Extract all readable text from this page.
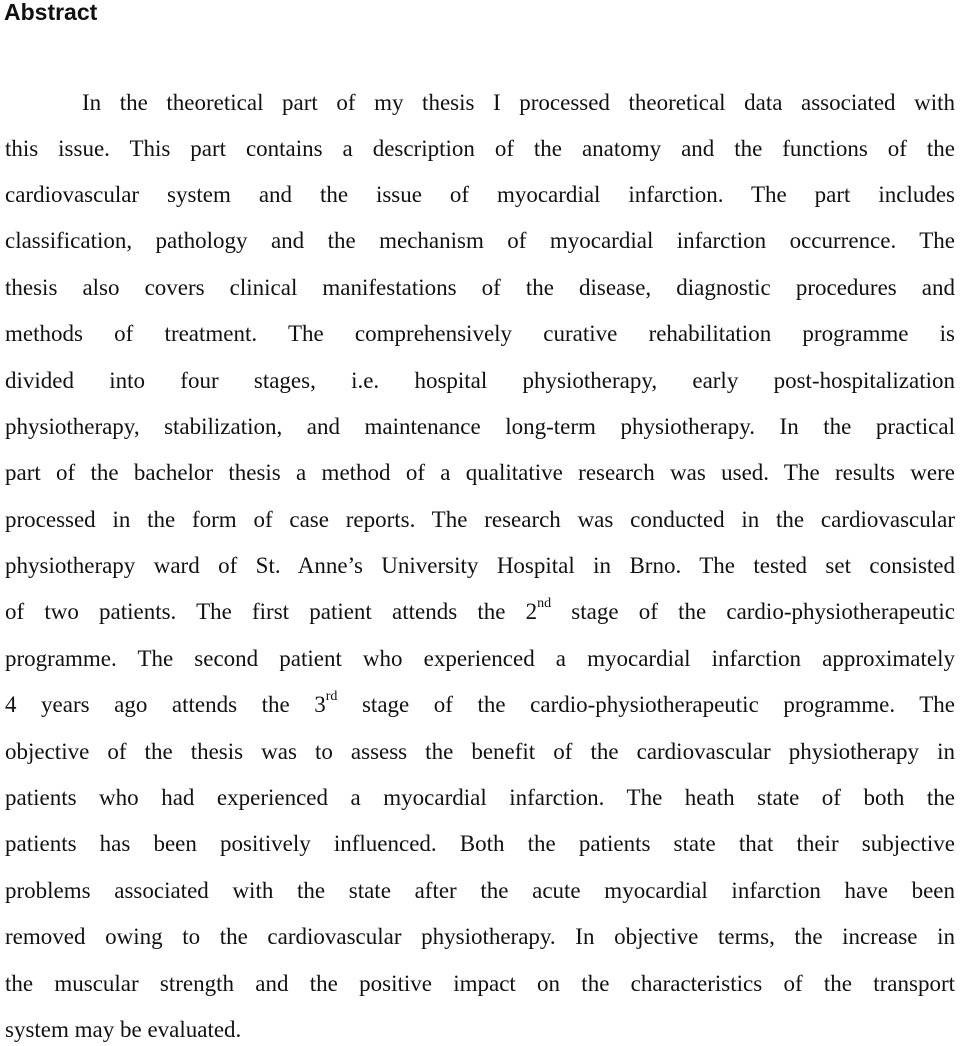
Abstract
In the theoretical part of my thesis I processed theoretical data associated with
this issue. This part contains a description of the anatomy and the functions of the
cardiovascular system and the issue of myocardial infarction. The part includes
classification, pathology and the mechanism of myocardial infarction occurrence. The
thesis also covers clinical manifestations of the disease, diagnostic procedures and
methods of treatment. The comprehensively curative rehabilitation programme is
divided into four stages, i.e. hospital physiotherapy, early post-hospitalization
physiotherapy, stabilization, and maintenance long-term physiotherapy. In the practical
part of the bachelor thesis a method of a qualitative research was used. The results were
processed in the form of case reports. The research was conducted in the cardiovascular
physiotherapy ward of St. Anne’s University Hospital in Brno. The tested set consisted
of two patients. The first patient attends the 2nd stage of the cardio-physiotherapeutic
programme. The second patient who experienced a myocardial infarction approximately
4 years ago attends the 3rd stage of the cardio-physiotherapeutic programme. The
objective of the thesis was to assess the benefit of the cardiovascular physiotherapy in
patients who had experienced a myocardial infarction. The heath state of both the
patients has been positively influenced. Both the patients state that their subjective
problems associated with the state after the acute myocardial infarction have been
removed owing to the cardiovascular physiotherapy. In objective terms, the increase in
the muscular strength and the positive impact on the characteristics of the transport
system may be evaluated.
